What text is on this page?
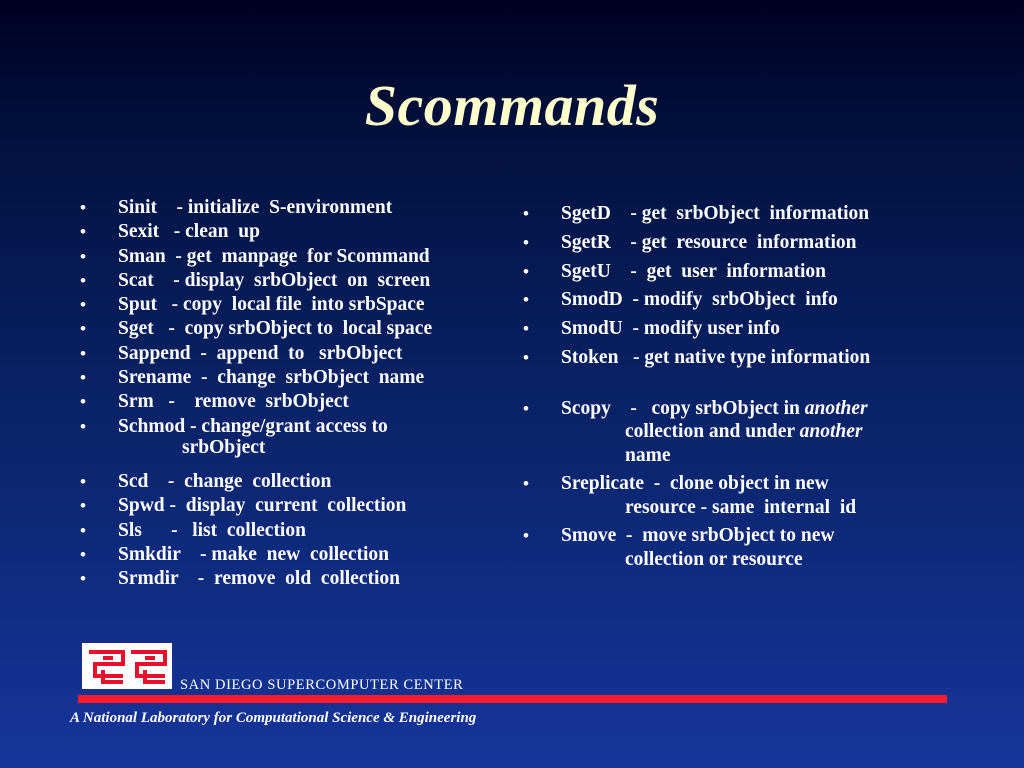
Scommands
• Sinit    - initialize  S-environment
• Sexit   - clean  up
• Sman  - get  manpage  for Scommand
• Scat    - display  srbObject  on  screen
• Sput   - copy  local file  into srbSpace
• Sget   -  copy srbObject to  local space
• Sappend  -  append  to   srbObject
• Srename  -  change  srbObject  name
• Srm   -    remove  srbObject
• Schmod - change/grant access to
srbObject
• Scd    -  change  collection
• Spwd -  display  current  collection
• Sls      -   list  collection
• Smkdir    - make  new  collection
• Srmdir    -  remove  old  collection
• SgetD    - get  srbObject  information
• SgetR    - get  resource  information
• SgetU    -  get  user  information
• SmodD  - modify  srbObject  info
• SmodU  - modify user info
• Stoken   - get native type information
• Scopy    -   copy srbObject in another
collection and under another
name
• Sreplicate  -  clone object in new
resource - same  internal  id
• Smove  -  move srbObject to new
collection or resource
SAN DIEGO SUPERCOMPUTER CENTER
A National Laboratory for Computational Science & Engineering
